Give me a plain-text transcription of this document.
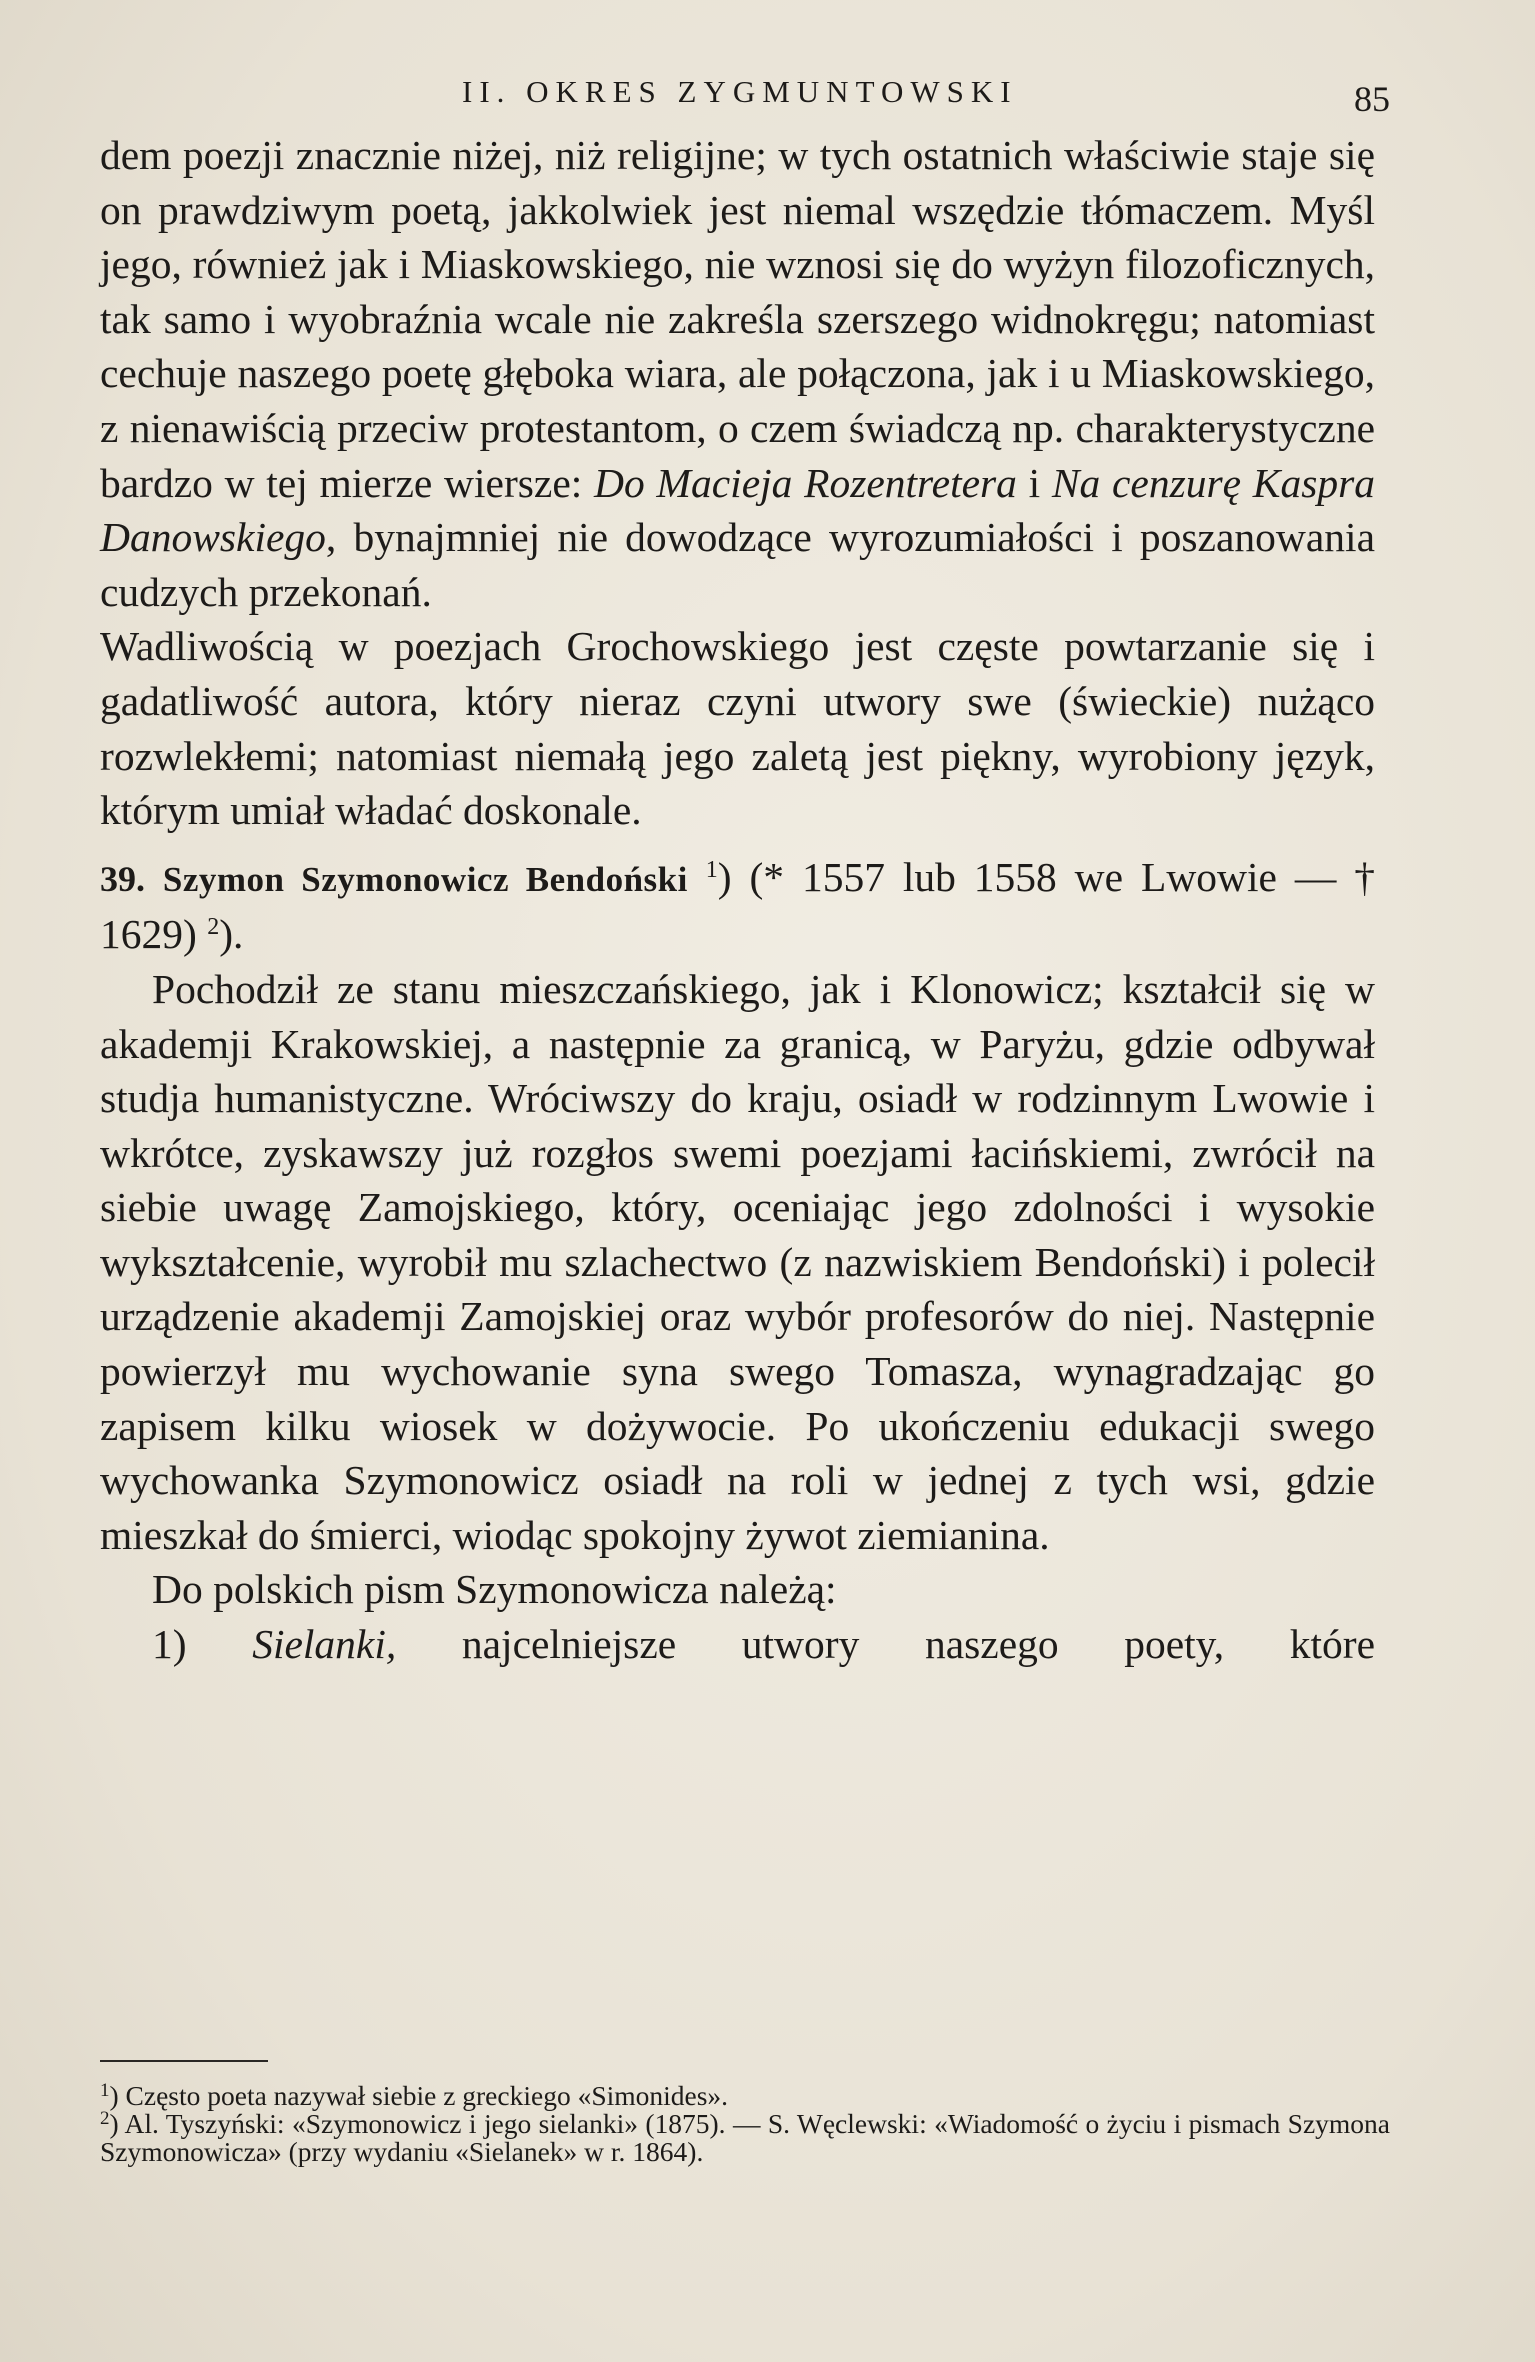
II. OKRES ZYGMUNTOWSKI	85

dem poezji znacznie niżej, niż religijne; w tych ostatnich właściwie staje się on prawdziwym poetą, jakkolwiek jest niemal wszędzie tłómaczem. Myśl jego, również jak i Miaskowskiego, nie wznosi się do wyżyn filozoficznych, tak samo i wyobraźnia wcale nie zakreśla szerszego widnokręgu; natomiast cechuje naszego poetę głęboka wiara, ale połączona, jak i u Miaskowskiego, z nienawiścią przeciw protestantom, o czem świadczą np. charakterystyczne bardzo w tej mierze wiersze: Do Macieja Rozentretera i Na cenzurę Kaspra Danowskiego, bynajmniej nie dowodzące wyrozumiałości i poszanowania cudzych przekonań.

Wadliwością w poezjach Grochowskiego jest częste powtarzanie się i gadatliwość autora, który nieraz czyni utwory swe (świeckie) nużąco rozwlekłemi; natomiast niemałą jego zaletą jest piękny, wyrobiony język, którym umiał władać doskonale.

39. Szymon Szymonowicz Bendoński $^1$) (* 1557 lub 1558 we Lwowie — † 1629) $^2$).

Pochodził ze stanu mieszczańskiego, jak i Klonowicz; kształcił się w akademji Krakowskiej, a następnie za granicą, w Paryżu, gdzie odbywał studja humanistyczne. Wróciwszy do kraju, osiadł w rodzinnym Lwowie i wkrótce, zyskawszy już rozgłos swemi poezjami łacińskiemi, zwrócił na siebie uwagę Zamojskiego, który, oceniając jego zdolności i wysokie wykształcenie, wyrobił mu szlachectwo (z nazwiskiem Bendoński) i polecił urządzenie akademji Zamojskiej oraz wybór profesorów do niej. Następnie powierzył mu wychowanie syna swego Tomasza, wynagradzając go zapisem kilku wiosek w dożywocie. Po ukończeniu edukacji swego wychowanka Szymonowicz osiadł na roli w jednej z tych wsi, gdzie mieszkał do śmierci, wiodąc spokojny żywot ziemianina.

Do polskich pism Szymonowicza należą:

1) Sielanki, najcelniejsze utwory naszego poety, które

$^1$) Często poeta nazywał siebie z greckiego «Simonides».

$^2$) Al. Tyszyński: «Szymonowicz i jego sielanki» (1875). — S. Węclewski: «Wiadomość o życiu i pismach Szymona Szymonowicza» (przy wydaniu «Sielanek» w r. 1864).
